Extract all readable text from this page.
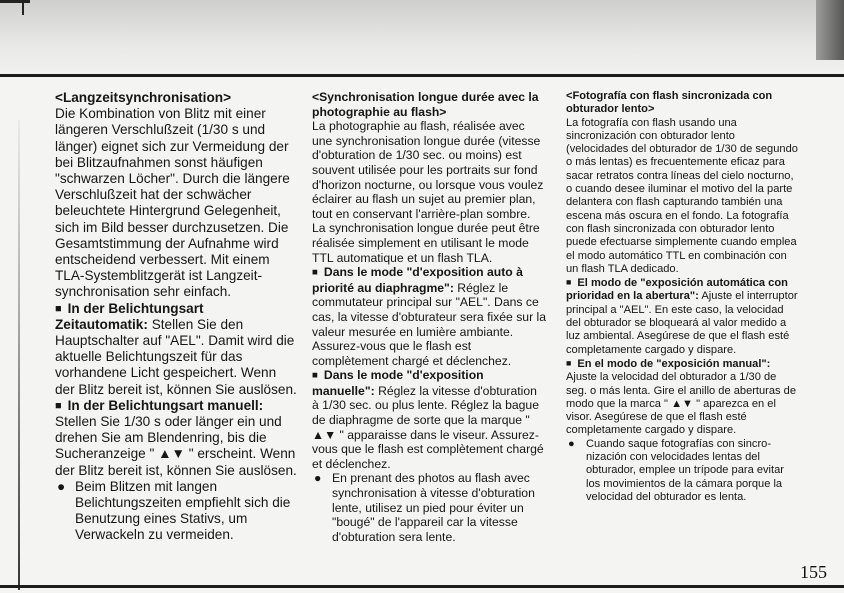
<Langzeitsynchronisation>

Die Kombination von Blitz mit einer längeren Verschlußzeit (1/30 s und länger) eignet sich zur Vermeidung der bei Blitzaufnahmen sonst häufigen "schwarzen Löcher". Durch die längere Verschlußzeit hat der schwächer beleuchtete Hintergrund Gelegenheit, sich im Bild besser durchzusetzen. Die Gesamtstimmung der Aufnahme wird entscheidend verbessert. Mit einem TLA-Systemblitzgerät ist Langzeit-synchronisation sehr einfach.

■ In der Belichtungsart Zeitautomatik: Stellen Sie den Hauptschalter auf "AEL". Damit wird die aktuelle Belichtungszeit für das vorhandene Licht gespeichert. Wenn der Blitz bereit ist, können Sie auslösen.

■ In der Belichtungsart manuell: Stellen Sie 1/30 s oder länger ein und drehen Sie am Blendenring, bis die Sucheranzeige " ▲▼ " erscheint. Wenn der Blitz bereit ist, können Sie auslösen.

● Beim Blitzen mit langen Belichtungszeiten empfiehlt sich die Benutzung eines Stativs, um Verwackeln zu vermeiden.

<Synchronisation longue durée avec la photographie au flash>

La photographie au flash, réalisée avec une synchronisation longue durée (vitesse d'obturation de 1/30 sec. ou moins) est souvent utilisée pour les portraits sur fond d'horizon nocturne, ou lorsque vous voulez éclairer au flash un sujet au premier plan, tout en conservant l'arrière-plan sombre. La synchronisation longue durée peut être réalisée simplement en utilisant le mode TTL automatique et un flash TLA.

■ Dans le mode "d'exposition auto à priorité au diaphragme": Réglez le commutateur principal sur "AEL". Dans ce cas, la vitesse d'obturateur sera fixée sur la valeur mesurée en lumière ambiante. Assurez-vous que le flash est complètement chargé et déclenchez.

■ Dans le mode "d'exposition manuelle": Réglez la vitesse d'obturation à 1/30 sec. ou plus lente. Réglez la bague de diaphragme de sorte que la marque " ▲▼ " apparaisse dans le viseur. Assurez-vous que le flash est complètement chargé et déclenchez.

● En prenant des photos au flash avec synchronisation à vitesse d'obturation lente, utilisez un pied pour éviter un "bougé" de l'appareil car la vitesse d'obturation sera lente.

<Fotografía con flash sincronizada con obturador lento>

La fotografía con flash usando una sincronización con obturador lento (velocidades del obturador de 1/30 de segundo o más lentas) es frecuentemente eficaz para sacar retratos contra líneas del cielo nocturno, o cuando desee iluminar el motivo del la parte delantera con flash capturando también una escena más oscura en el fondo. La fotografía con flash sincronizada con obturador lento puede efectuarse simplemente cuando emplea el modo automático TTL en combinación con un flash TLA dedicado.

■ El modo de "exposición automática con prioridad en la abertura": Ajuste el interruptor principal a "AEL". En este caso, la velocidad del obturador se bloqueará al valor medido a luz ambiental. Asegúrese de que el flash esté completamente cargado y dispare.

■ En el modo de "exposición manual": Ajuste la velocidad del obturador a 1/30 de seg. o más lenta. Gire el anillo de aberturas de modo que la marca " ▲▼ " aparezca en el visor. Asegúrese de que el flash esté completamente cargado y dispare.

● Cuando saque fotografías con sincro-nización con velocidades lentas del obturador, emplee un trípode para evitar los movimientos de la cámara porque la velocidad del obturador es lenta.

155
